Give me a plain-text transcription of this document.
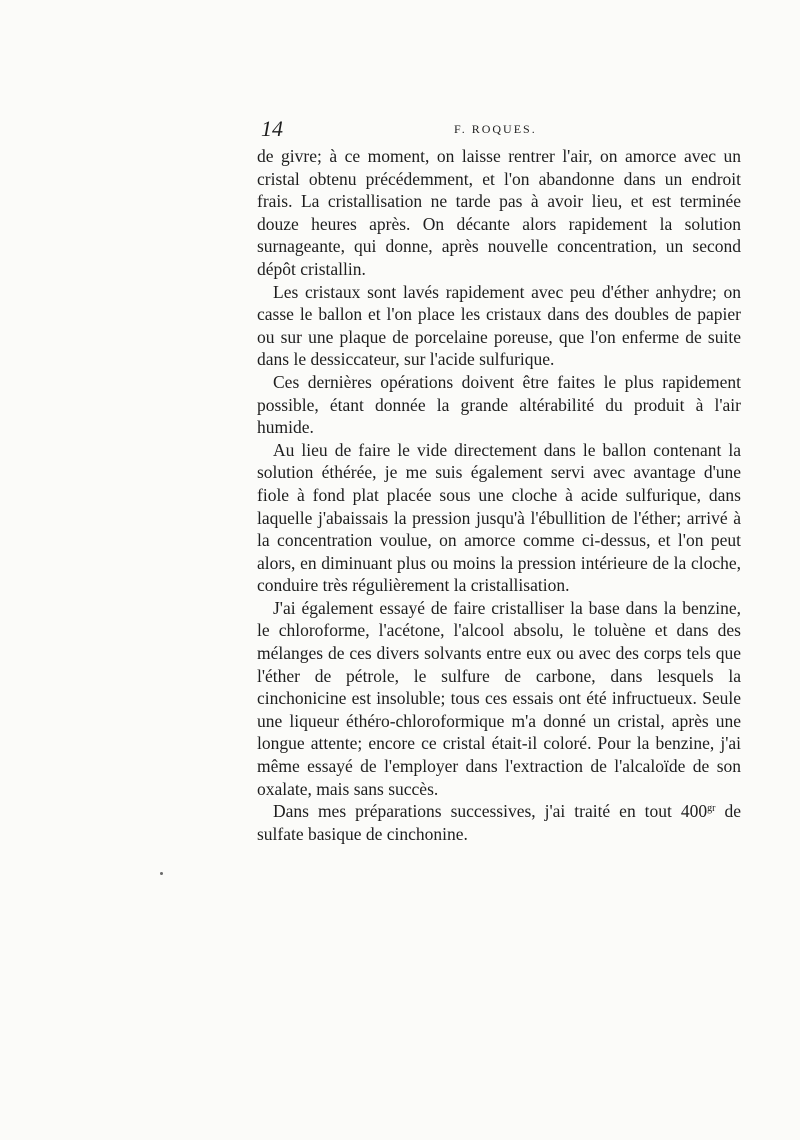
14	F. ROQUES.

de givre; à ce moment, on laisse rentrer l'air, on amorce avec un cristal obtenu précédemment, et l'on abandonne dans un endroit frais. La cristallisation ne tarde pas à avoir lieu, et est terminée douze heures après. On décante alors rapidement la solution surnageante, qui donne, après nouvelle concentration, un second dépôt cristallin.

Les cristaux sont lavés rapidement avec peu d'éther anhydre; on casse le ballon et l'on place les cristaux dans des doubles de papier ou sur une plaque de porcelaine poreuse, que l'on enferme de suite dans le dessiccateur, sur l'acide sulfurique.

Ces dernières opérations doivent être faites le plus rapidement possible, étant donnée la grande altérabilité du produit à l'air humide.

Au lieu de faire le vide directement dans le ballon contenant la solution éthérée, je me suis également servi avec avantage d'une fiole à fond plat placée sous une cloche à acide sulfurique, dans laquelle j'abaissais la pression jusqu'à l'ébullition de l'éther; arrivé à la concentration voulue, on amorce comme ci-dessus, et l'on peut alors, en diminuant plus ou moins la pression intérieure de la cloche, conduire très régulièrement la cristallisation.

J'ai également essayé de faire cristalliser la base dans la benzine, le chloroforme, l'acétone, l'alcool absolu, le toluène et dans des mélanges de ces divers solvants entre eux ou avec des corps tels que l'éther de pétrole, le sulfure de carbone, dans lesquels la cinchonicine est insoluble; tous ces essais ont été infructueux. Seule une liqueur éthéro-chloroformique m'a donné un cristal, après une longue attente; encore ce cristal était-il coloré. Pour la benzine, j'ai même essayé de l'employer dans l'extraction de l'alcaloïde de son oxalate, mais sans succès.

Dans mes préparations successives, j'ai traité en tout $400^{gr}$ de sulfate basique de cinchonine.
